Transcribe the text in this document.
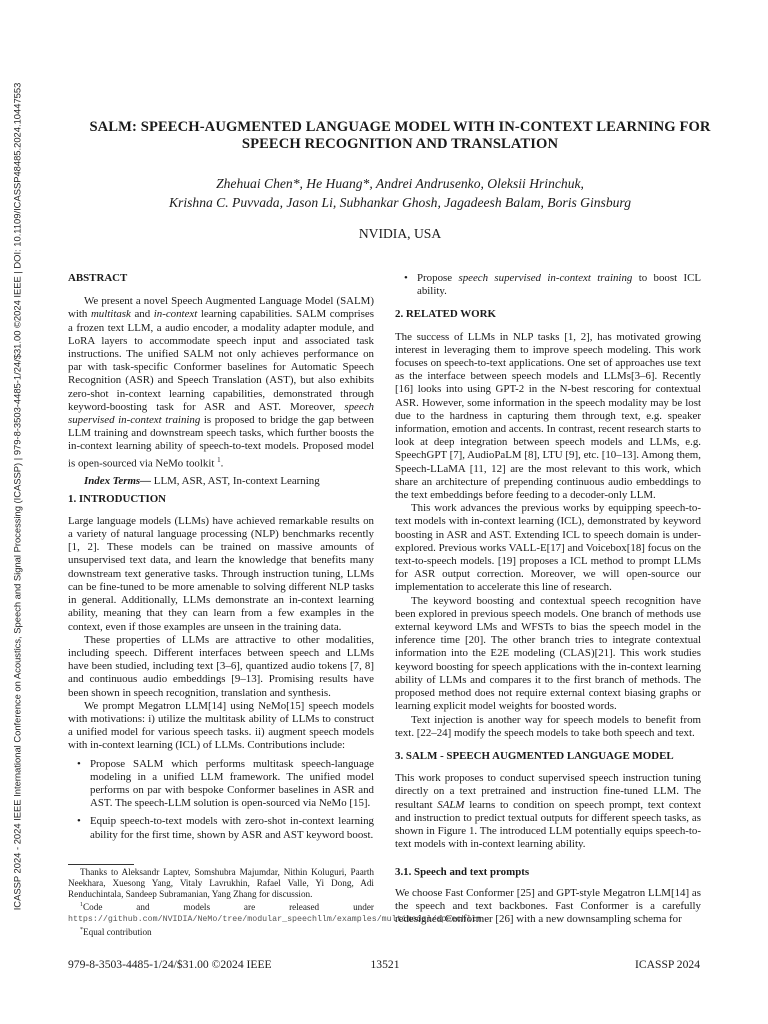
ICASSP 2024 - 2024 IEEE International Conference on Acoustics, Speech and Signal Processing (ICASSP) | 979-8-3503-4485-1/24/$31.00 ©2024 IEEE | DOI: 10.1109/ICASSP48485.2024.10447553	SALM: SPEECH-AUGMENTED LANGUAGE MODEL WITH IN-CONTEXT LEARNING FOR
SPEECH RECOGNITION AND TRANSLATION
Zhehuai Chen*, He Huang*, Andrei Andrusenko, Oleksii Hrinchuk,
Krishna C. Puvvada, Jason Li, Subhankar Ghosh, Jagadeesh Balam, Boris Ginsburg
NVIDIA, USA

ABSTRACT

We present a novel Speech Augmented Language Model (SALM) with multitask and in-context learning capabilities. SALM comprises a frozen text LLM, a audio encoder, a modality adapter module, and LoRA layers to accommodate speech input and associated task instructions. The unified SALM not only achieves performance on par with task-specific Conformer baselines for Automatic Speech Recognition (ASR) and Speech Translation (AST), but also exhibits zero-shot in-context learning capabilities, demonstrated through keyword-boosting task for ASR and AST. Moreover, speech supervised in-context training is proposed to bridge the gap between LLM training and downstream speech tasks, which further boosts the in-context learning ability of speech-to-text models. Proposed model is open-sourced via NeMo toolkit $^1$.

Index Terms— LLM, ASR, AST, In-context Learning

1. INTRODUCTION

Large language models (LLMs) have achieved remarkable results on a variety of natural language processing (NLP) benchmarks recently [1, 2]. These models can be trained on massive amounts of unsupervised text data, and learn the knowledge that benefits many downstream text generative tasks. Through instruction tuning, LLMs can be fine-tuned to be more amenable to solving different NLP tasks in general. Additionally, LLMs demonstrate an in-context learning ability, meaning that they can learn from a few examples in the context, even if those examples are unseen in the training data.

These properties of LLMs are attractive to other modalities, including speech. Different interfaces between speech and LLMs have been studied, including text [3–6], quantized audio tokens [7, 8] and continuous audio embeddings [9–13]. Promising results have been shown in speech recognition, translation and synthesis.

We prompt Megatron LLM[14] using NeMo[15] speech models with motivations: i) utilize the multitask ability of LLMs to construct a unified model for various speech tasks. ii) augment speech models with in-context learning (ICL) of LLMs. Contributions include:

• Propose SALM which performs multitask speech-language modeling in a unified LLM framework. The unified model performs on par with bespoke Conformer baselines in ASR and AST. The speech-LLM solution is open-sourced via NeMo [15].
• Equip speech-to-text models with zero-shot in-context learning ability for the first time, shown by ASR and AST keyword boost.

Thanks to Aleksandr Laptev, Somshubra Majumdar, Nithin Koluguri, Paarth Neekhara, Xuesong Yang, Vitaly Lavrukhin, Rafael Valle, Yi Dong, Adi Renduchintala, Sandeep Subramanian, Yang Zhang for discussion.

$^1$Code and models are released under https://github.com/NVIDIA/NeMo/tree/modular_speechllm/examples/multimodal/speechllm

*Equal contribution

• Propose speech supervised in-context training to boost ICL ability.

2. RELATED WORK

The success of LLMs in NLP tasks [1, 2], has motivated growing interest in leveraging them to improve speech modeling. This work focuses on speech-to-text applications. One set of approaches use text as the interface between speech models and LLMs[3–6]. Recently [16] looks into using GPT-2 in the N-best rescoring for contextual ASR. However, some information in the speech modality may be lost due to the hardness in capturing them through text, e.g. speaker information, emotion and accents. In contrast, recent research starts to look at deep integration between speech models and LLMs, e.g. SpeechGPT [7], AudioPaLM [8], LTU [9], etc. [10–13]. Among them, Speech-LLaMA [11, 12] are the most relevant to this work, which share an architecture of prepending continuous audio embeddings to the text embeddings before feeding to a decoder-only LLM.

This work advances the previous works by equipping speech-to-text models with in-context learning (ICL), demonstrated by keyword boosting in ASR and AST. Extending ICL to speech domain is under-explored. Previous works VALL-E[17] and Voicebox[18] focus on the text-to-speech models. [19] proposes a ICL method to prompt LLMs for ASR output correction. Moreover, we will open-source our implementation to accelerate this line of research.

The keyword boosting and contextual speech recognition have been explored in previous speech models. One branch of methods use external keyword LMs and WFSTs to bias the speech model in the inference time [20]. The other branch tries to integrate contextual information into the E2E modeling (CLAS)[21]. This work studies keyword boosting for speech applications with the in-context learning ability of LLMs and compares it to the first branch of methods. The proposed method does not require external context biasing graphs or learning explicit model weights for boosted words.

Text injection is another way for speech models to benefit from text. [22–24] modify the speech models to take both speech and text.

3. SALM - SPEECH AUGMENTED LANGUAGE MODEL

This work proposes to conduct supervised speech instruction tuning directly on a text pretrained and instruction fine-tuned LLM. The resultant SALM learns to condition on speech prompt, text context and instruction to predict textual outputs for different speech tasks, as shown in Figure 1. The introduced LLM potentially equips speech-to-text models with in-context learning ability.

3.1. Speech and text prompts

We choose Fast Conformer [25] and GPT-style Megatron LLM[14] as the speech and text backbones. Fast Conformer is a carefully redesigned Conformer [26] with a new downsampling schema for

979-8-3503-4485-1/24/$31.00 ©2024 IEEE	13521	ICASSP 2024
